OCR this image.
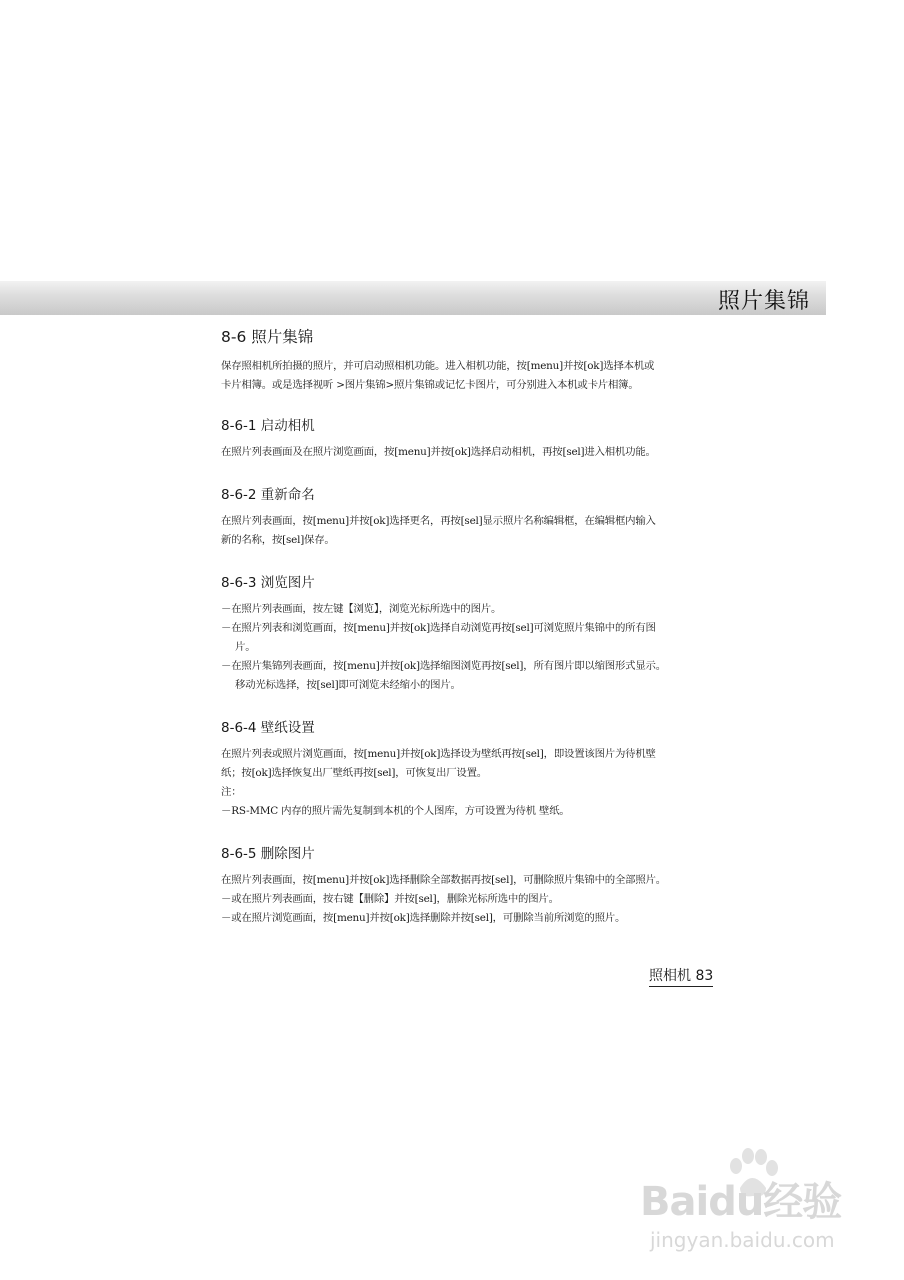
照片集锦
8-6 照片集锦

保存照相机所拍摄的照片，并可启动照相机功能。进入相机功能，按[menu]并按[ok]选择本机或

卡片相簿。或是选择视听 >图片集锦>照片集锦或记忆卡图片，可分别进入本机或卡片相簿。

8-6-1 启动相机

在照片列表画面及在照片浏览画面，按[menu]并按[ok]选择启动相机，再按[sel]进入相机功能。

8-6-2 重新命名

在照片列表画面，按[menu]并按[ok]选择更名，再按[sel]显示照片名称编辑框，在编辑框内输入

新的名称，按[sel]保存。

8-6-3 浏览图片

－在照片列表画面，按左键【浏览】，浏览光标所选中的图片。

－在照片列表和浏览画面，按[menu]并按[ok]选择自动浏览再按[sel]可浏览照片集锦中的所有图

片。

－在照片集锦列表画面，按[menu]并按[ok]选择缩图浏览再按[sel]，所有图片即以缩图形式显示。

移动光标选择，按[sel]即可浏览未经缩小的图片。

8-6-4 壁纸设置

在照片列表或照片浏览画面，按[menu]并按[ok]选择设为壁纸再按[sel]，即设置该图片为待机壁

纸；按[ok]选择恢复出厂壁纸再按[sel]，可恢复出厂设置。

注：

－RS-MMC 内存的照片需先复制到本机的个人图库，方可设置为待机 壁纸。

8-6-5 删除图片

在照片列表画面，按[menu]并按[ok]选择删除全部数据再按[sel]，可删除照片集锦中的全部照片。

－或在照片列表画面，按右键【删除】并按[sel]，删除光标所选中的图片。

－或在照片浏览画面，按[menu]并按[ok]选择删除并按[sel]，可删除当前所浏览的照片。

照相机 83
Baidu经验
jingyan.baidu.com
